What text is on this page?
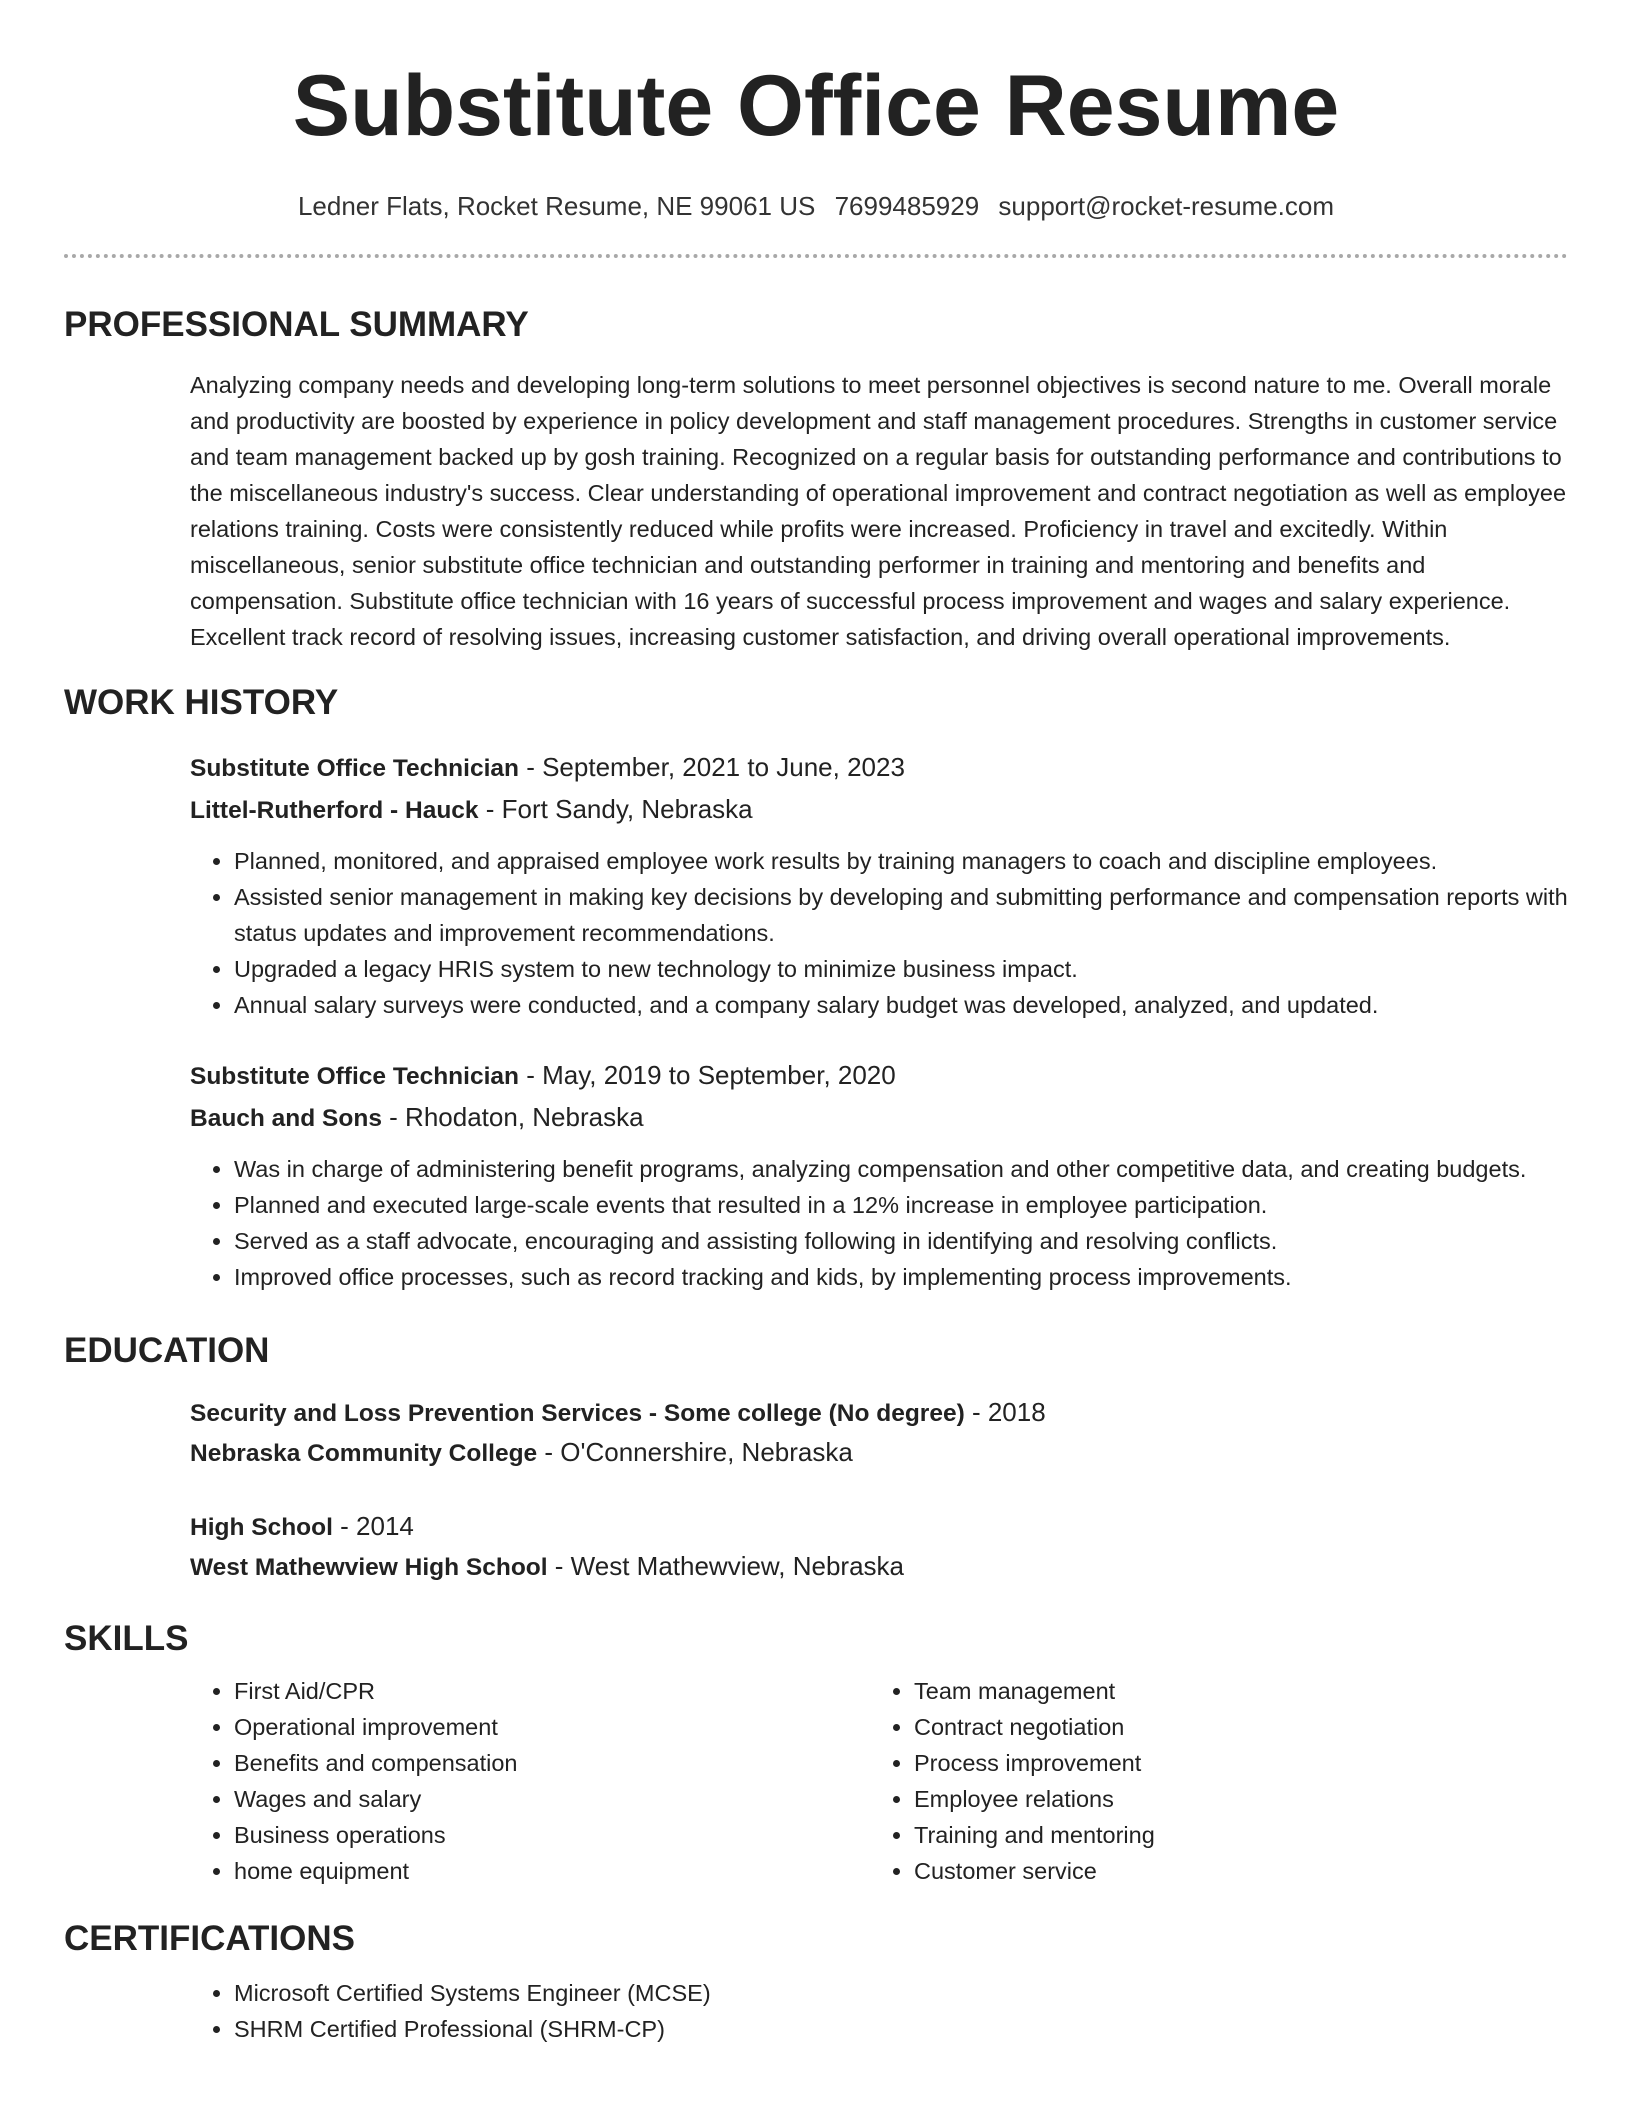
Substitute Office Resume
Ledner Flats, Rocket Resume, NE 99061 US 7699485929 support@rocket-resume.com
PROFESSIONAL SUMMARY
Analyzing company needs and developing long-term solutions to meet personnel objectives is second nature to me. Overall morale and productivity are boosted by experience in policy development and staff management procedures. Strengths in customer service and team management backed up by gosh training. Recognized on a regular basis for outstanding performance and contributions to the miscellaneous industry's success. Clear understanding of operational improvement and contract negotiation as well as employee relations training. Costs were consistently reduced while profits were increased. Proficiency in travel and excitedly. Within miscellaneous, senior substitute office technician and outstanding performer in training and mentoring and benefits and compensation. Substitute office technician with 16 years of successful process improvement and wages and salary experience. Excellent track record of resolving issues, increasing customer satisfaction, and driving overall operational improvements.
WORK HISTORY
Substitute Office Technician - September, 2021 to June, 2023
Littel-Rutherford - Hauck - Fort Sandy, Nebraska
• Planned, monitored, and appraised employee work results by training managers to coach and discipline employees.
• Assisted senior management in making key decisions by developing and submitting performance and compensation reports with status updates and improvement recommendations.
• Upgraded a legacy HRIS system to new technology to minimize business impact.
• Annual salary surveys were conducted, and a company salary budget was developed, analyzed, and updated.
Substitute Office Technician - May, 2019 to September, 2020
Bauch and Sons - Rhodaton, Nebraska
• Was in charge of administering benefit programs, analyzing compensation and other competitive data, and creating budgets.
• Planned and executed large-scale events that resulted in a 12% increase in employee participation.
• Served as a staff advocate, encouraging and assisting following in identifying and resolving conflicts.
• Improved office processes, such as record tracking and kids, by implementing process improvements.
EDUCATION
Security and Loss Prevention Services - Some college (No degree) - 2018
Nebraska Community College - O'Connershire, Nebraska
High School - 2014
West Mathewview High School - West Mathewview, Nebraska
SKILLS
• First Aid/CPR
• Operational improvement
• Benefits and compensation
• Wages and salary
• Business operations
• home equipment
• Team management
• Contract negotiation
• Process improvement
• Employee relations
• Training and mentoring
• Customer service
CERTIFICATIONS
• Microsoft Certified Systems Engineer (MCSE)
• SHRM Certified Professional (SHRM-CP)
